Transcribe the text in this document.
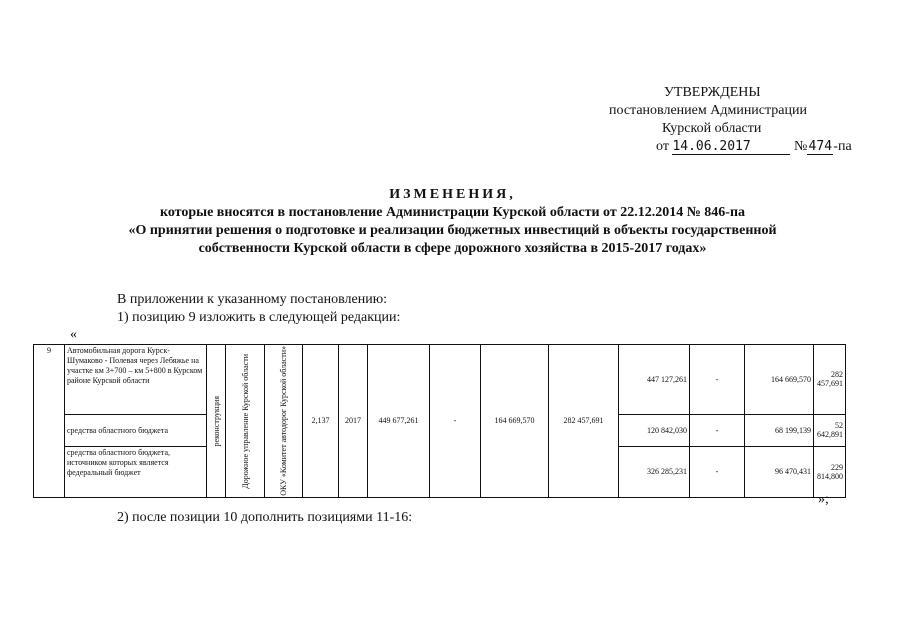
УТВЕРЖДЕНЫ
постановлением Администрации
Курской области
от 14.06.2017	№474-па
ИЗМЕНЕНИЯ,
которые вносятся в постановление Администрации Курской области от 22.12.2014 № 846-па
«О принятии решения о подготовке и реализации бюджетных инвестиций в объекты государственной
собственности Курской области в сфере дорожного хозяйства в 2015-2017 годах»
В приложении к указанному постановлению:
1) позицию 9 изложить в следующей редакции:
«
9	Автомобильная дорога Курск-Шумаково - Полевая через Лебяжье на участке км 3+700 – км 5+800 в Курском районе Курской области	реконструкция	Дорожное управление Курской области	ОКУ «Комитет автодорог Курской области»	2,137	2017	449 677,261	-	164 669,570	282 457,691	447 127,261	-	164 669,570	282 457,691
	средства областного бюджета										120 842,030	-	68 199,139	52 642,891
	средства областного бюджета, источником которых является федеральный бюджет										326 285,231	-	96 470,431	229 814,800
»;
2) после позиции 10 дополнить позициями 11-16:
